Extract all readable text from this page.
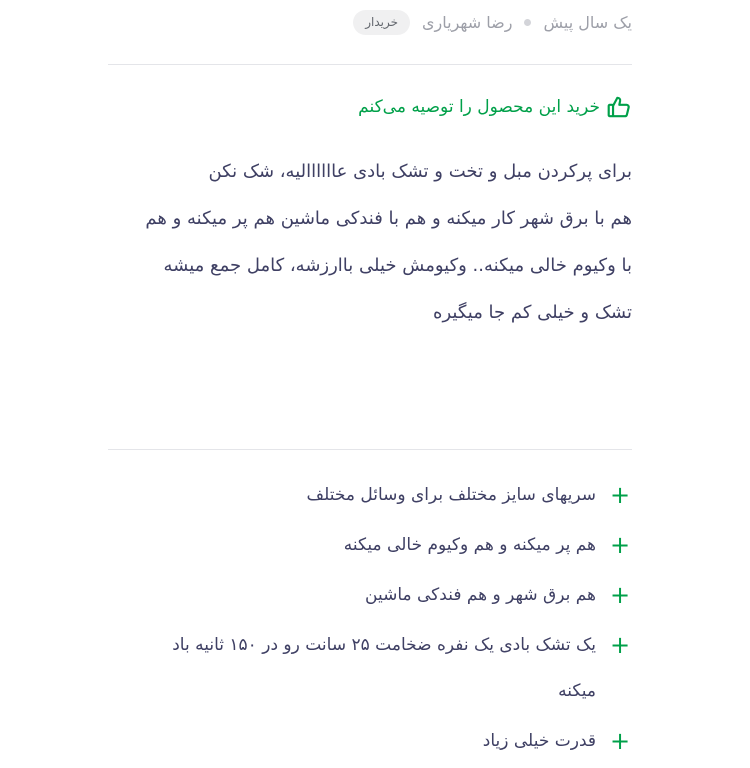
یک سال پیش
رضا شهریاری
خریدار
خرید این محصول را توصیه می‌کنم

برای پرکردن مبل و تخت و تشک بادی عاااااالیه، شک نکن

هم با برق شهر کار میکنه و هم با فندکی ماشین هم پر میکنه و هم با وکیوم خالی میکنه.. وکیومش خیلی باارزشه، کامل جمع میشه تشک و خیلی کم جا میگیره

+
سریهای سایز مختلف برای وسائل مختلف
+
هم پر میکنه و هم وکیوم خالی میکنه
+
هم برق شهر و هم فندکی ماشین
+
یک تشک بادی یک نفره ضخامت ۲۵ سانت رو در ۱۵۰ ثانیه باد میکنه
+
قدرت خیلی زیاد
